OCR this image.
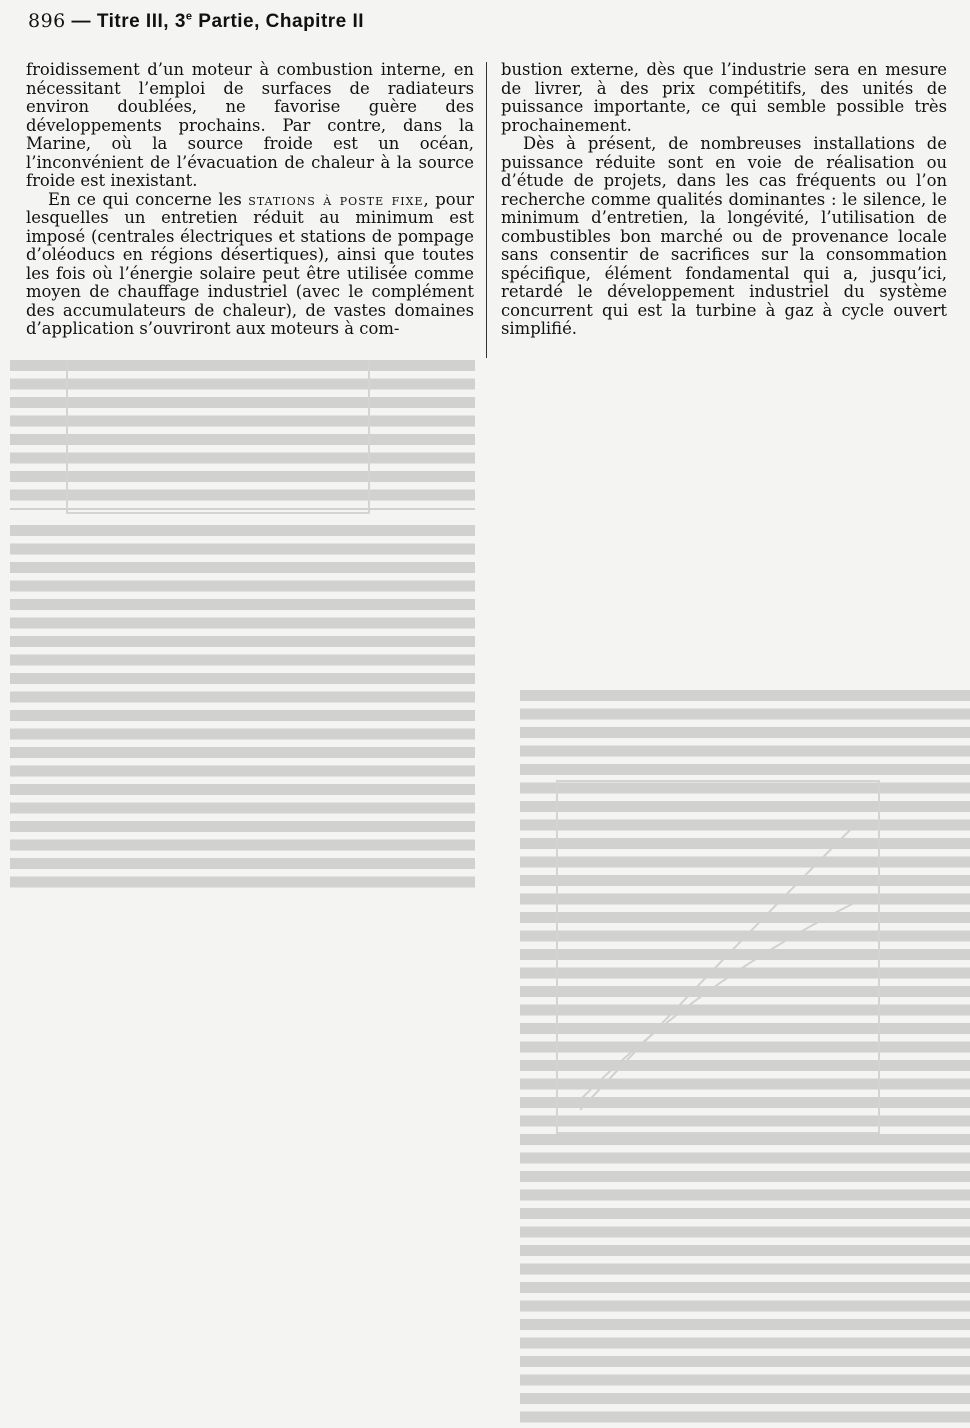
896 — Titre III, 3e Partie, Chapitre II

froidissement d’un moteur à combustion interne, en nécessitant l’emploi de surfaces de radiateurs environ doublées, ne favorise guère des développements prochains. Par contre, dans la Marine, où la source froide est un océan, l’inconvénient de l’évacuation de chaleur à la source froide est inexistant.

En ce qui concerne les stations à poste fixe, pour lesquelles un entretien réduit au minimum est imposé (centrales électriques et stations de pompage d’oléoducs en régions désertiques), ainsi que toutes les fois où l’énergie solaire peut être utilisée comme moyen de chauffage industriel (avec le complément des accumulateurs de chaleur), de vastes domaines d’application s’ouvriront aux moteurs à com-

bustion externe, dès que l’industrie sera en mesure de livrer, à des prix compétitifs, des unités de puissance importante, ce qui semble possible très prochainement.

Dès à présent, de nombreuses installations de puissance réduite sont en voie de réalisation ou d’étude de projets, dans les cas fréquents ou l’on recherche comme qualités dominantes : le silence, le minimum d’entretien, la longévité, l’utilisation de combustibles bon marché ou de provenance locale sans consentir de sacrifices sur la consommation spécifique, élément fondamental qui a, jusqu’ici, retardé le développement industriel du système concurrent qui est la turbine à gaz à cycle ouvert simplifié.
